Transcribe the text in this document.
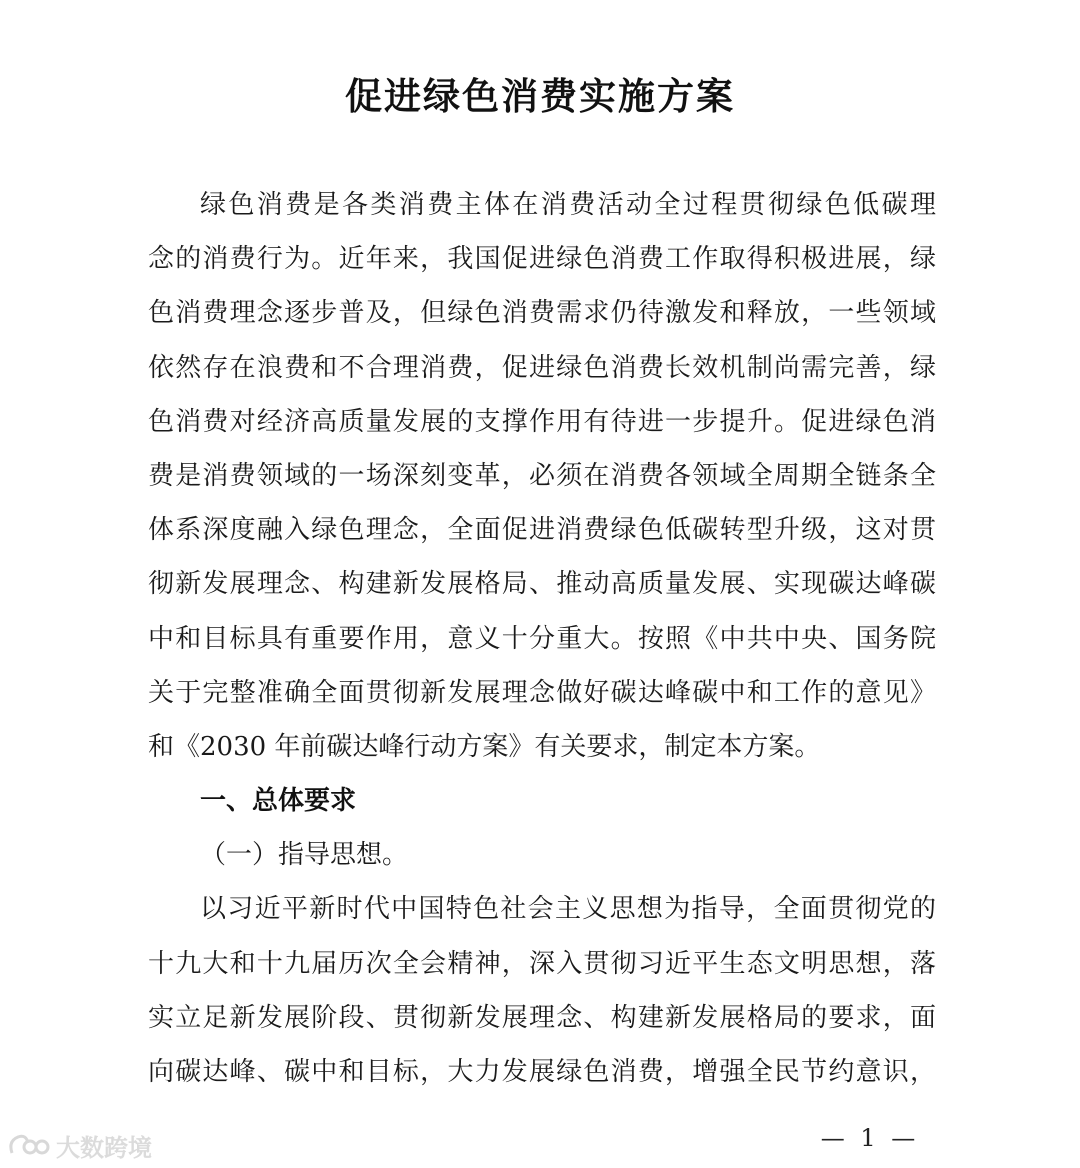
促进绿色消费实施方案
绿色消费是各类消费主体在消费活动全过程贯彻绿色低碳理
念的消费行为。近年来，我国促进绿色消费工作取得积极进展，绿
色消费理念逐步普及，但绿色消费需求仍待激发和释放，一些领域
依然存在浪费和不合理消费，促进绿色消费长效机制尚需完善，绿
色消费对经济高质量发展的支撑作用有待进一步提升。促进绿色消
费是消费领域的一场深刻变革，必须在消费各领域全周期全链条全
体系深度融入绿色理念，全面促进消费绿色低碳转型升级，这对贯
彻新发展理念、构建新发展格局、推动高质量发展、实现碳达峰碳
中和目标具有重要作用，意义十分重大。按照《中共中央、国务院
关于完整准确全面贯彻新发展理念做好碳达峰碳中和工作的意见》
和《2030 年前碳达峰行动方案》有关要求，制定本方案。
一、总体要求
（一）指导思想。
以习近平新时代中国特色社会主义思想为指导，全面贯彻党的
十九大和十九届历次全会精神，深入贯彻习近平生态文明思想，落
实立足新发展阶段、贯彻新发展理念、构建新发展格局的要求，面
向碳达峰、碳中和目标，大力发展绿色消费，增强全民节约意识，
— 1 —
大数跨境
